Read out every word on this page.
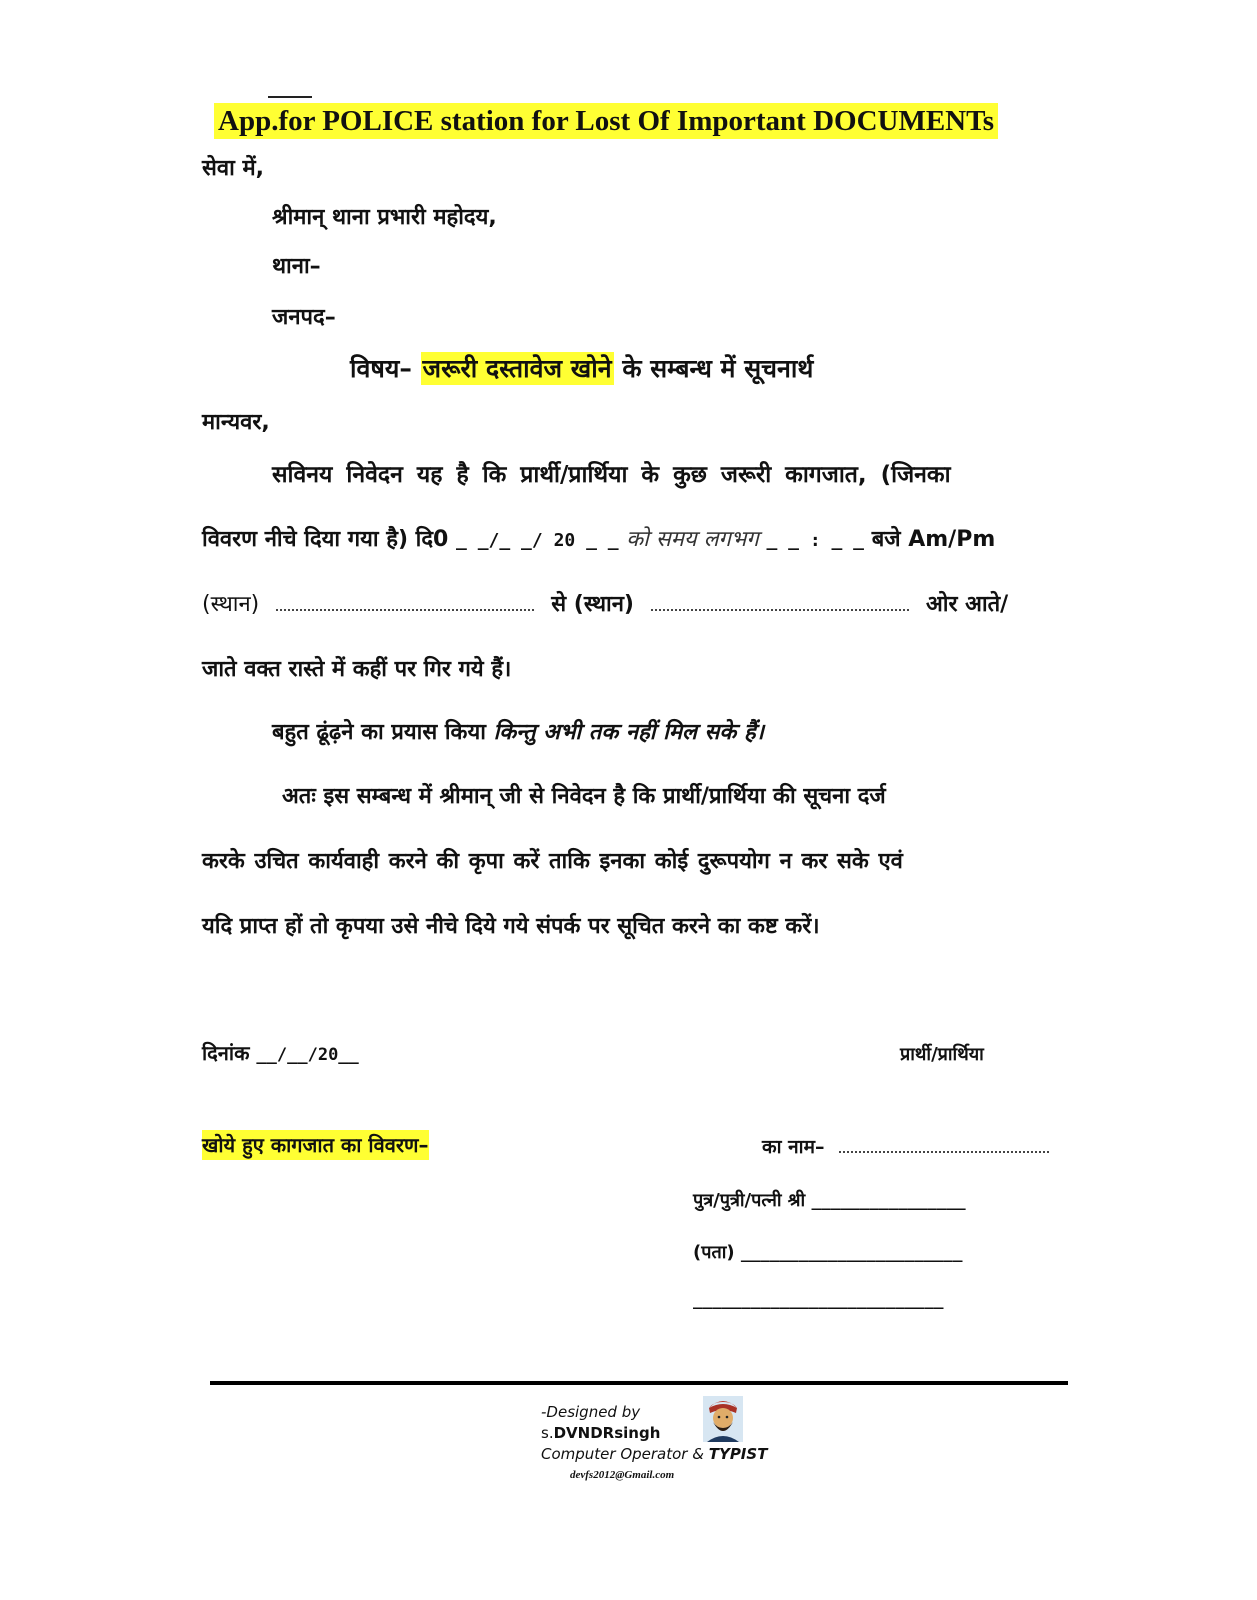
App.for POLICE station for Lost Of Important DOCUMENTs
सेवा में,
श्रीमान् थाना प्रभारी महोदय,
थाना–
जनपद–
विषय– जरूरी दस्तावेज खोने के सम्बन्ध में सूचनार्थ
मान्यवर,
सविनय निवेदन यह है कि प्रार्थी/प्रार्थिया के कुछ जरूरी कागजात, (जिनका
विवरण नीचे दिया गया है) दि0 _ _/_ _/ 20 _ _ को समय लगभग _ _ : _ _ बजे Am/Pm
(स्थान)	से (स्थान)	ओर आते/
जाते वक्त रास्ते में कहीं पर गिर गये हैं।
बहुत ढूंढ़ने का प्रयास किया किन्तु अभी तक नहीं मिल सके हैं।
अतः इस सम्बन्ध में श्रीमान् जी से निवेदन है कि प्रार्थी/प्रार्थिया की सूचना दर्ज
करके उचित कार्यवाही करने की कृपा करें ताकि इनका कोई दुरूपयोग न कर सके एवं
यदि प्राप्त हों तो कृपया उसे नीचे दिये गये संपर्क पर सूचित करने का कष्ट करें।
दिनांक __/__/20__	प्रार्थी/प्रार्थिया
खोये हुए कागजात का विवरण–	का नाम–
पुत्र/पुत्री/पत्नी श्री ________________
(पता) _______________________
__________________________
-Designed by
s.DVNDRsingh
Computer Operator & TYPIST
devfs2012@Gmail.com
